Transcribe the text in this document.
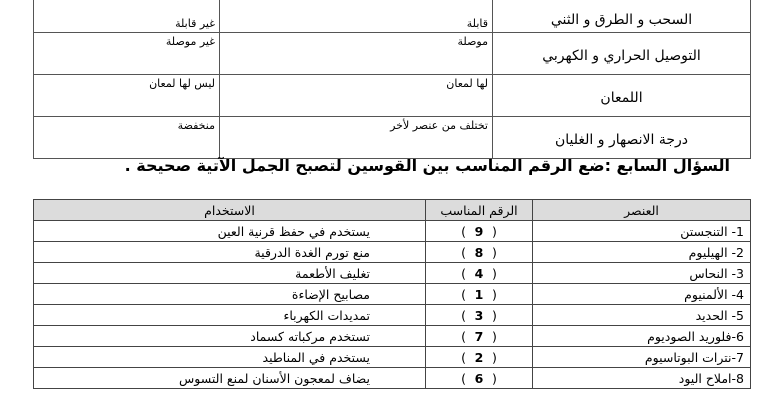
غير قابلة	قابلة	السحب و الطرق و الثني
غير موصلة	موصلة	التوصيل الحراري و الكهربي
ليس لها لمعان	لها لمعان	اللمعان
منخفضة	تختلف من عنصر لأخر	درجة الانصهار و الغليان
السؤال السابع :ضع الرقم المناسب بين القوسين لتصبح الجمل الآتية صحيحة .
العنصر	الرقم المناسب	الاستخدام
1- التنجستن	(9)	يستخدم في حفظ قرنية العين
2- الهيليوم	(8)	منع تورم الغدة الدرقية
3- النحاس	(4)	تغليف الأطعمة
4- الألمنيوم	(1)	مصابيح الإضاءة
5- الحديد	(3)	تمديدات الكهرباء
6-فلوريد الصوديوم	(7)	تستخدم مركباته كسماد
7-نترات البوتاسيوم	(2)	يستخدم في المناطيد
8-املاح اليود	(6)	يضاف لمعجون الأسنان لمنع التسوس
